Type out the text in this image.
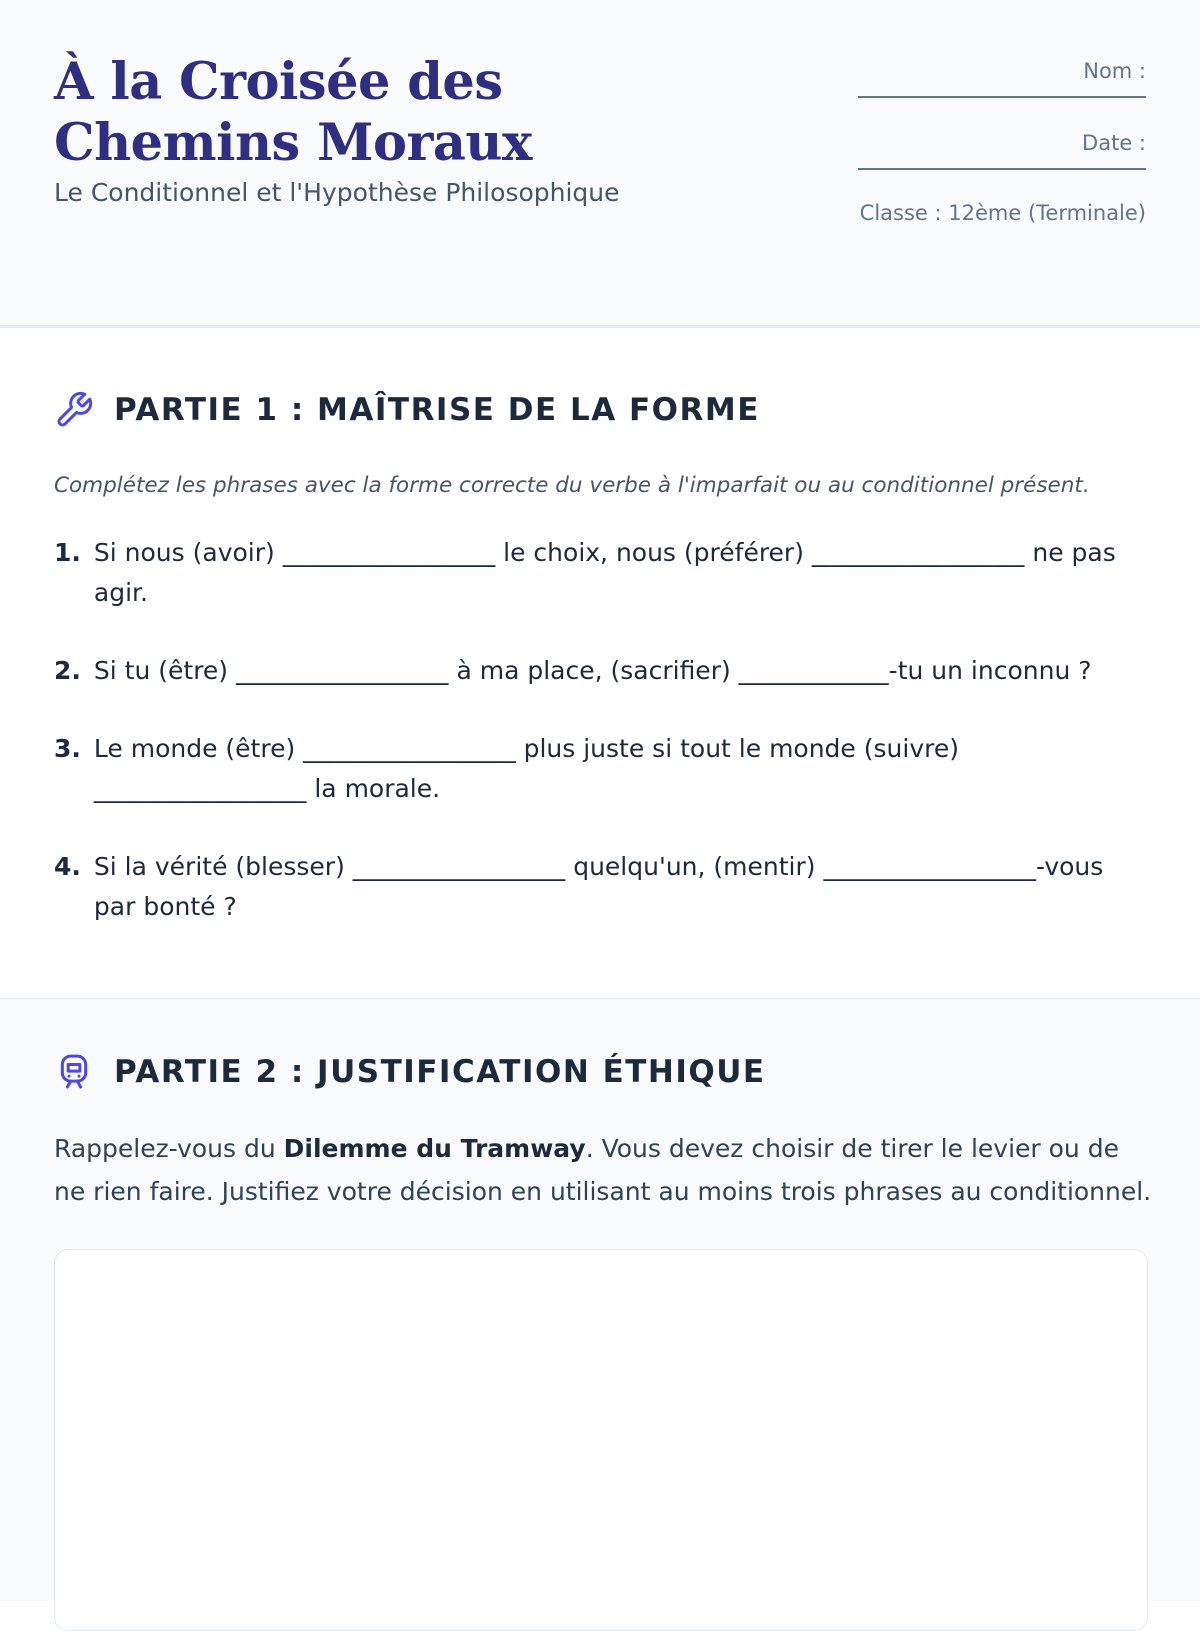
À la Croisée des Chemins Moraux
Le Conditionnel et l'Hypothèse Philosophique
Nom :
Date :
Classe : 12ème (Terminale)
PARTIE 1 : MAÎTRISE DE LA FORME
Complétez les phrases avec la forme correcte du verbe à l'imparfait ou au conditionnel présent.
1. Si nous (avoir) _________________ le choix, nous (préférer) _________________ ne pas agir.
2. Si tu (être) _________________ à ma place, (sacrifier) ____________-tu un inconnu ?
3. Le monde (être) _________________ plus juste si tout le monde (suivre) _________________ la morale.
4. Si la vérité (blesser) _________________ quelqu'un, (mentir) _________________-vous par bonté ?
PARTIE 2 : JUSTIFICATION ÉTHIQUE

Rappelez-vous du Dilemme du Tramway. Vous devez choisir de tirer le levier ou de ne rien faire. Justifiez votre décision en utilisant au moins trois phrases au conditionnel.
